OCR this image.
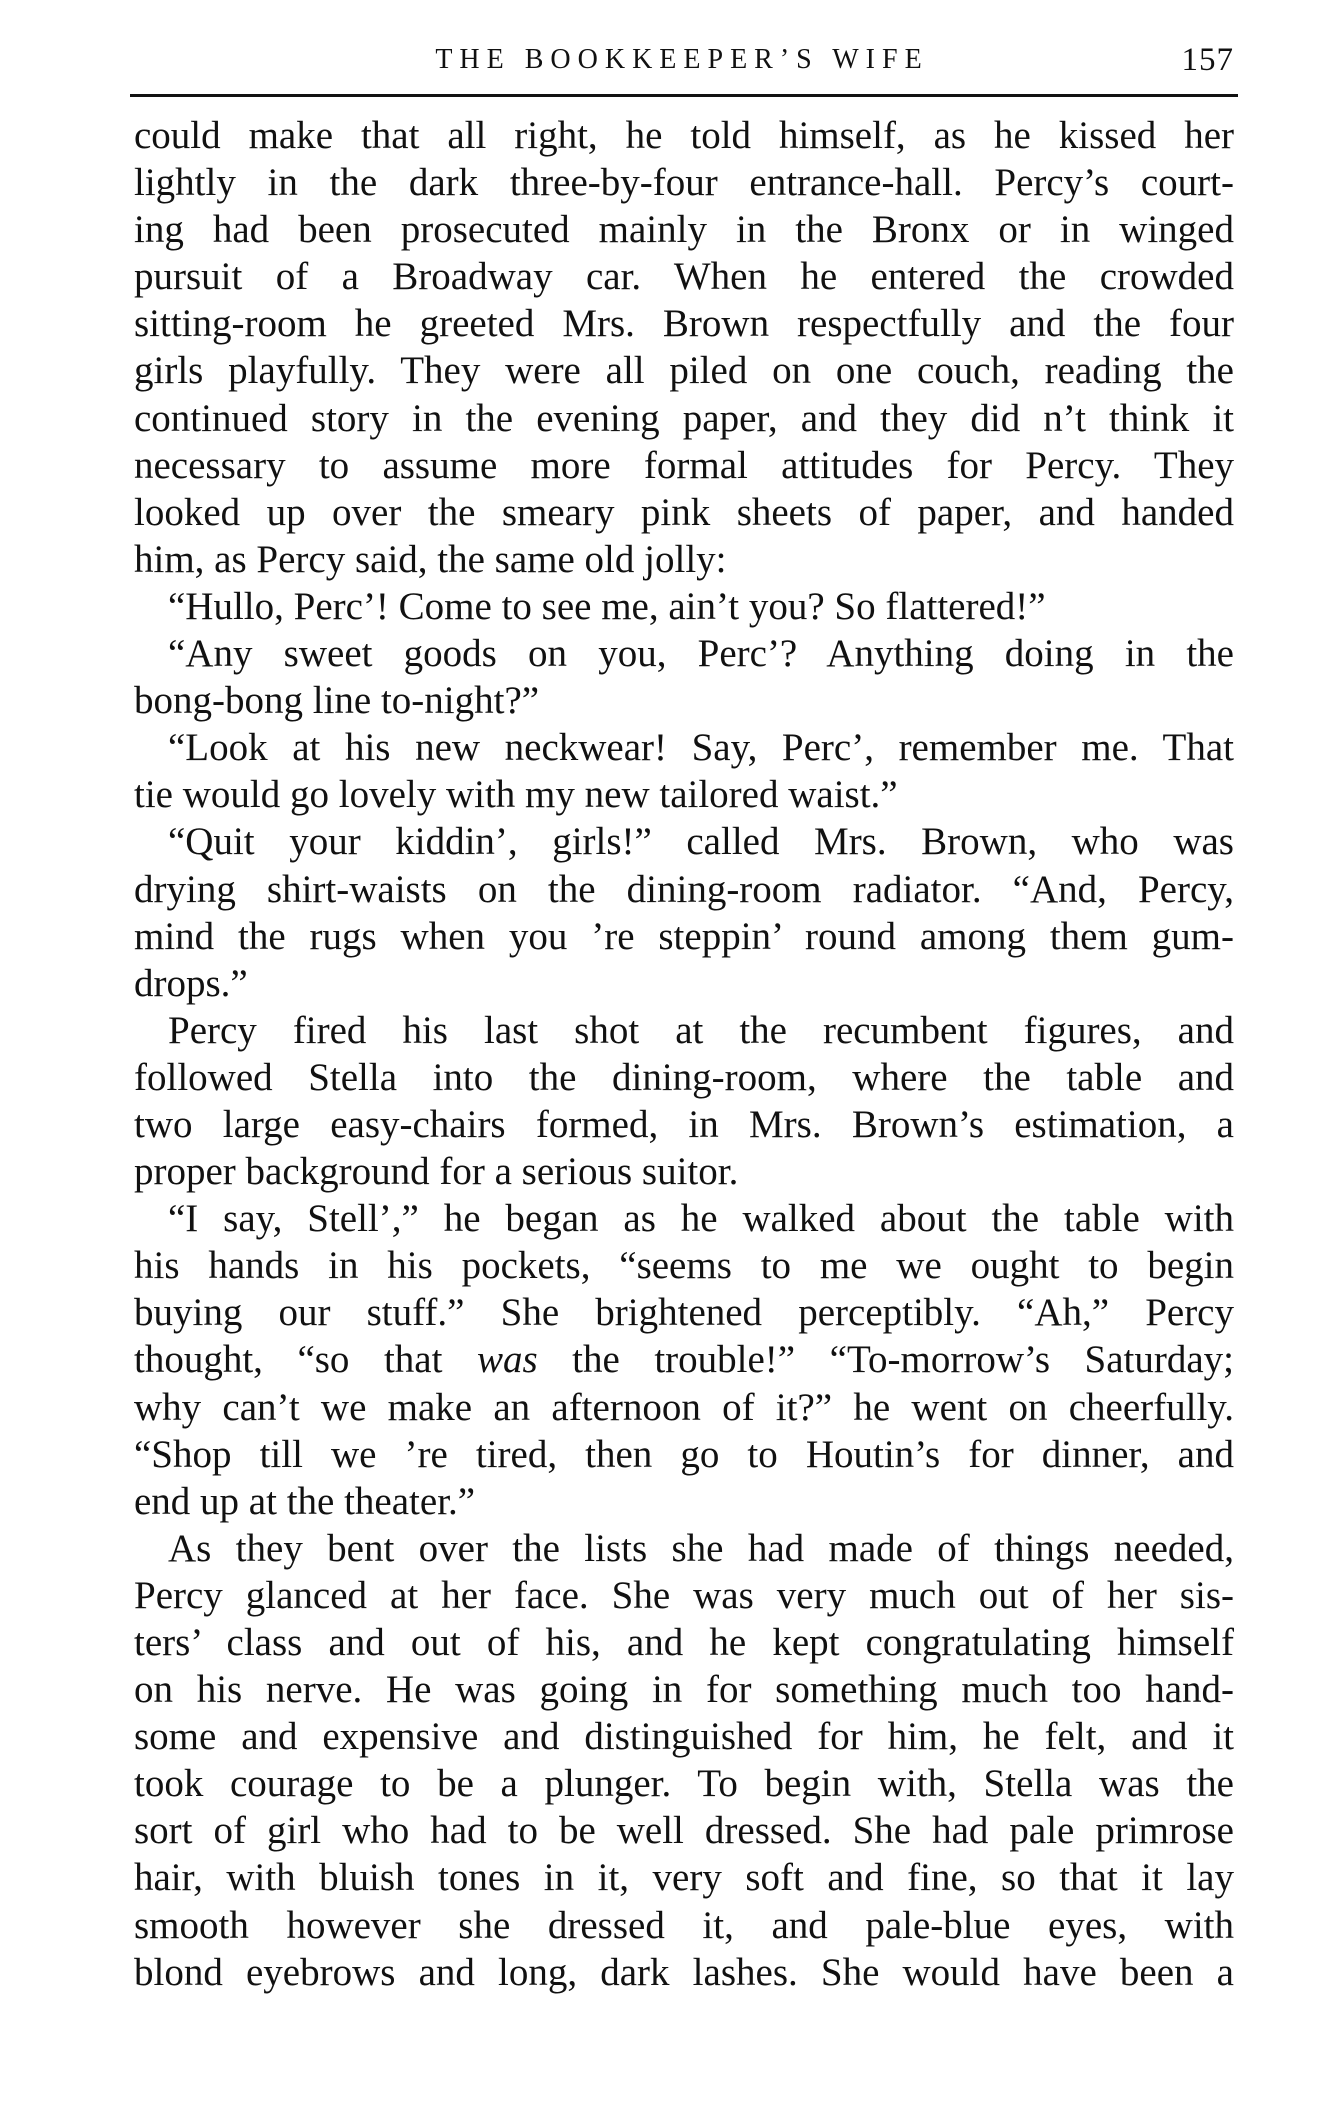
THE BOOKKEEPER’S WIFE	157
could make that all right, he told himself, as he kissed her
lightly in the dark three-by-four entrance-hall. Percy’s court-
ing had been prosecuted mainly in the Bronx or in winged
pursuit of a Broadway car. When he entered the crowded
sitting-room he greeted Mrs. Brown respectfully and the four
girls playfully. They were all piled on one couch, reading the
continued story in the evening paper, and they did n’t think it
necessary to assume more formal attitudes for Percy. They
looked up over the smeary pink sheets of paper, and handed
him, as Percy said, the same old jolly:
“Hullo, Perc’! Come to see me, ain’t you? So flattered!”
“Any sweet goods on you, Perc’? Anything doing in the
bong-bong line to-night?”
“Look at his new neckwear! Say, Perc’, remember me. That
tie would go lovely with my new tailored waist.”
“Quit your kiddin’, girls!” called Mrs. Brown, who was
drying shirt-waists on the dining-room radiator. “And, Percy,
mind the rugs when you ’re steppin’ round among them gum-
drops.”
Percy fired his last shot at the recumbent figures, and
followed Stella into the dining-room, where the table and
two large easy-chairs formed, in Mrs. Brown’s estimation, a
proper background for a serious suitor.
“I say, Stell’,” he began as he walked about the table with
his hands in his pockets, “seems to me we ought to begin
buying our stuff.” She brightened perceptibly. “Ah,” Percy
thought, “so that was the trouble!” “To-morrow’s Saturday;
why can’t we make an afternoon of it?” he went on cheerfully.
“Shop till we ’re tired, then go to Houtin’s for dinner, and
end up at the theater.”
As they bent over the lists she had made of things needed,
Percy glanced at her face. She was very much out of her sis-
ters’ class and out of his, and he kept congratulating himself
on his nerve. He was going in for something much too hand-
some and expensive and distinguished for him, he felt, and it
took courage to be a plunger. To begin with, Stella was the
sort of girl who had to be well dressed. She had pale primrose
hair, with bluish tones in it, very soft and fine, so that it lay
smooth however she dressed it, and pale-blue eyes, with
blond eyebrows and long, dark lashes. She would have been a
